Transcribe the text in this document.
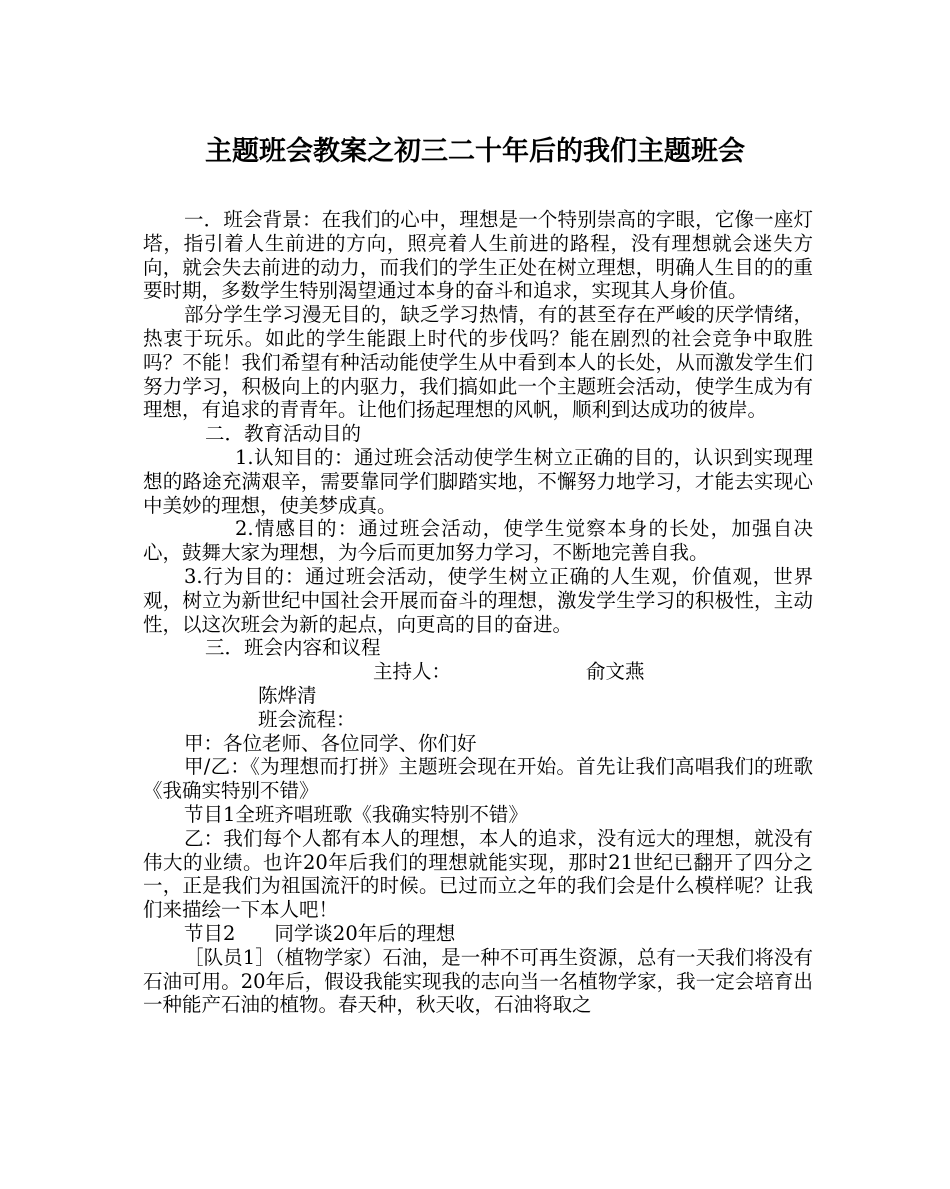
主题班会教案之初三二十年后的我们主题班会

一．班会背景：在我们的心中，理想是一个特别崇高的字眼，它像一座灯塔，指引着人生前进的方向，照亮着人生前进的路程，没有理想就会迷失方向，就会失去前进的动力，而我们的学生正处在树立理想，明确人生目的的重要时期，多数学生特别渴望通过本身的奋斗和追求，实现其人身价值。

部分学生学习漫无目的，缺乏学习热情，有的甚至存在严峻的厌学情绪，热衷于玩乐。如此的学生能跟上时代的步伐吗？能在剧烈的社会竞争中取胜吗？不能！我们希望有种活动能使学生从中看到本人的长处，从而激发学生们努力学习，积极向上的内驱力，我们搞如此一个主题班会活动，使学生成为有理想，有追求的青青年。让他们扬起理想的风帆，顺利到达成功的彼岸。

二．教育活动目的

1.认知目的：通过班会活动使学生树立正确的目的，认识到实现理想的路途充满艰辛，需要靠同学们脚踏实地，不懈努力地学习，才能去实现心中美妙的理想，使美梦成真。

2.情感目的：通过班会活动，使学生觉察本身的长处，加强自决心，鼓舞大家为理想，为今后而更加努力学习，不断地完善自我。

3.行为目的：通过班会活动，使学生树立正确的人生观，价值观，世界观，树立为新世纪中国社会开展而奋斗的理想，激发学生学习的积极性，主动性，以这次班会为新的起点，向更高的目的奋进。

三．班会内容和议程

主持人：	俞文燕陈烨清

班会流程：

甲：各位老师、各位同学、你们好

甲/乙：《为理想而打拼》主题班会现在开始。首先让我们高唱我们的班歌《我确实特别不错》

节目1全班齐唱班歌《我确实特别不错》

乙：我们每个人都有本人的理想，本人的追求，没有远大的理想，就没有伟大的业绩。也许20年后我们的理想就能实现，那时21世纪已翻开了四分之一，正是我们为祖国流汗的时候。已过而立之年的我们会是什么模样呢？让我们来描绘一下本人吧！

节目2　　同学谈20年后的理想

［队员1］（植物学家）石油，是一种不可再生资源，总有一天我们将没有石油可用。20年后，假设我能实现我的志向当一名植物学家，我一定会培育出一种能产石油的植物。春天种，秋天收，石油将取之
